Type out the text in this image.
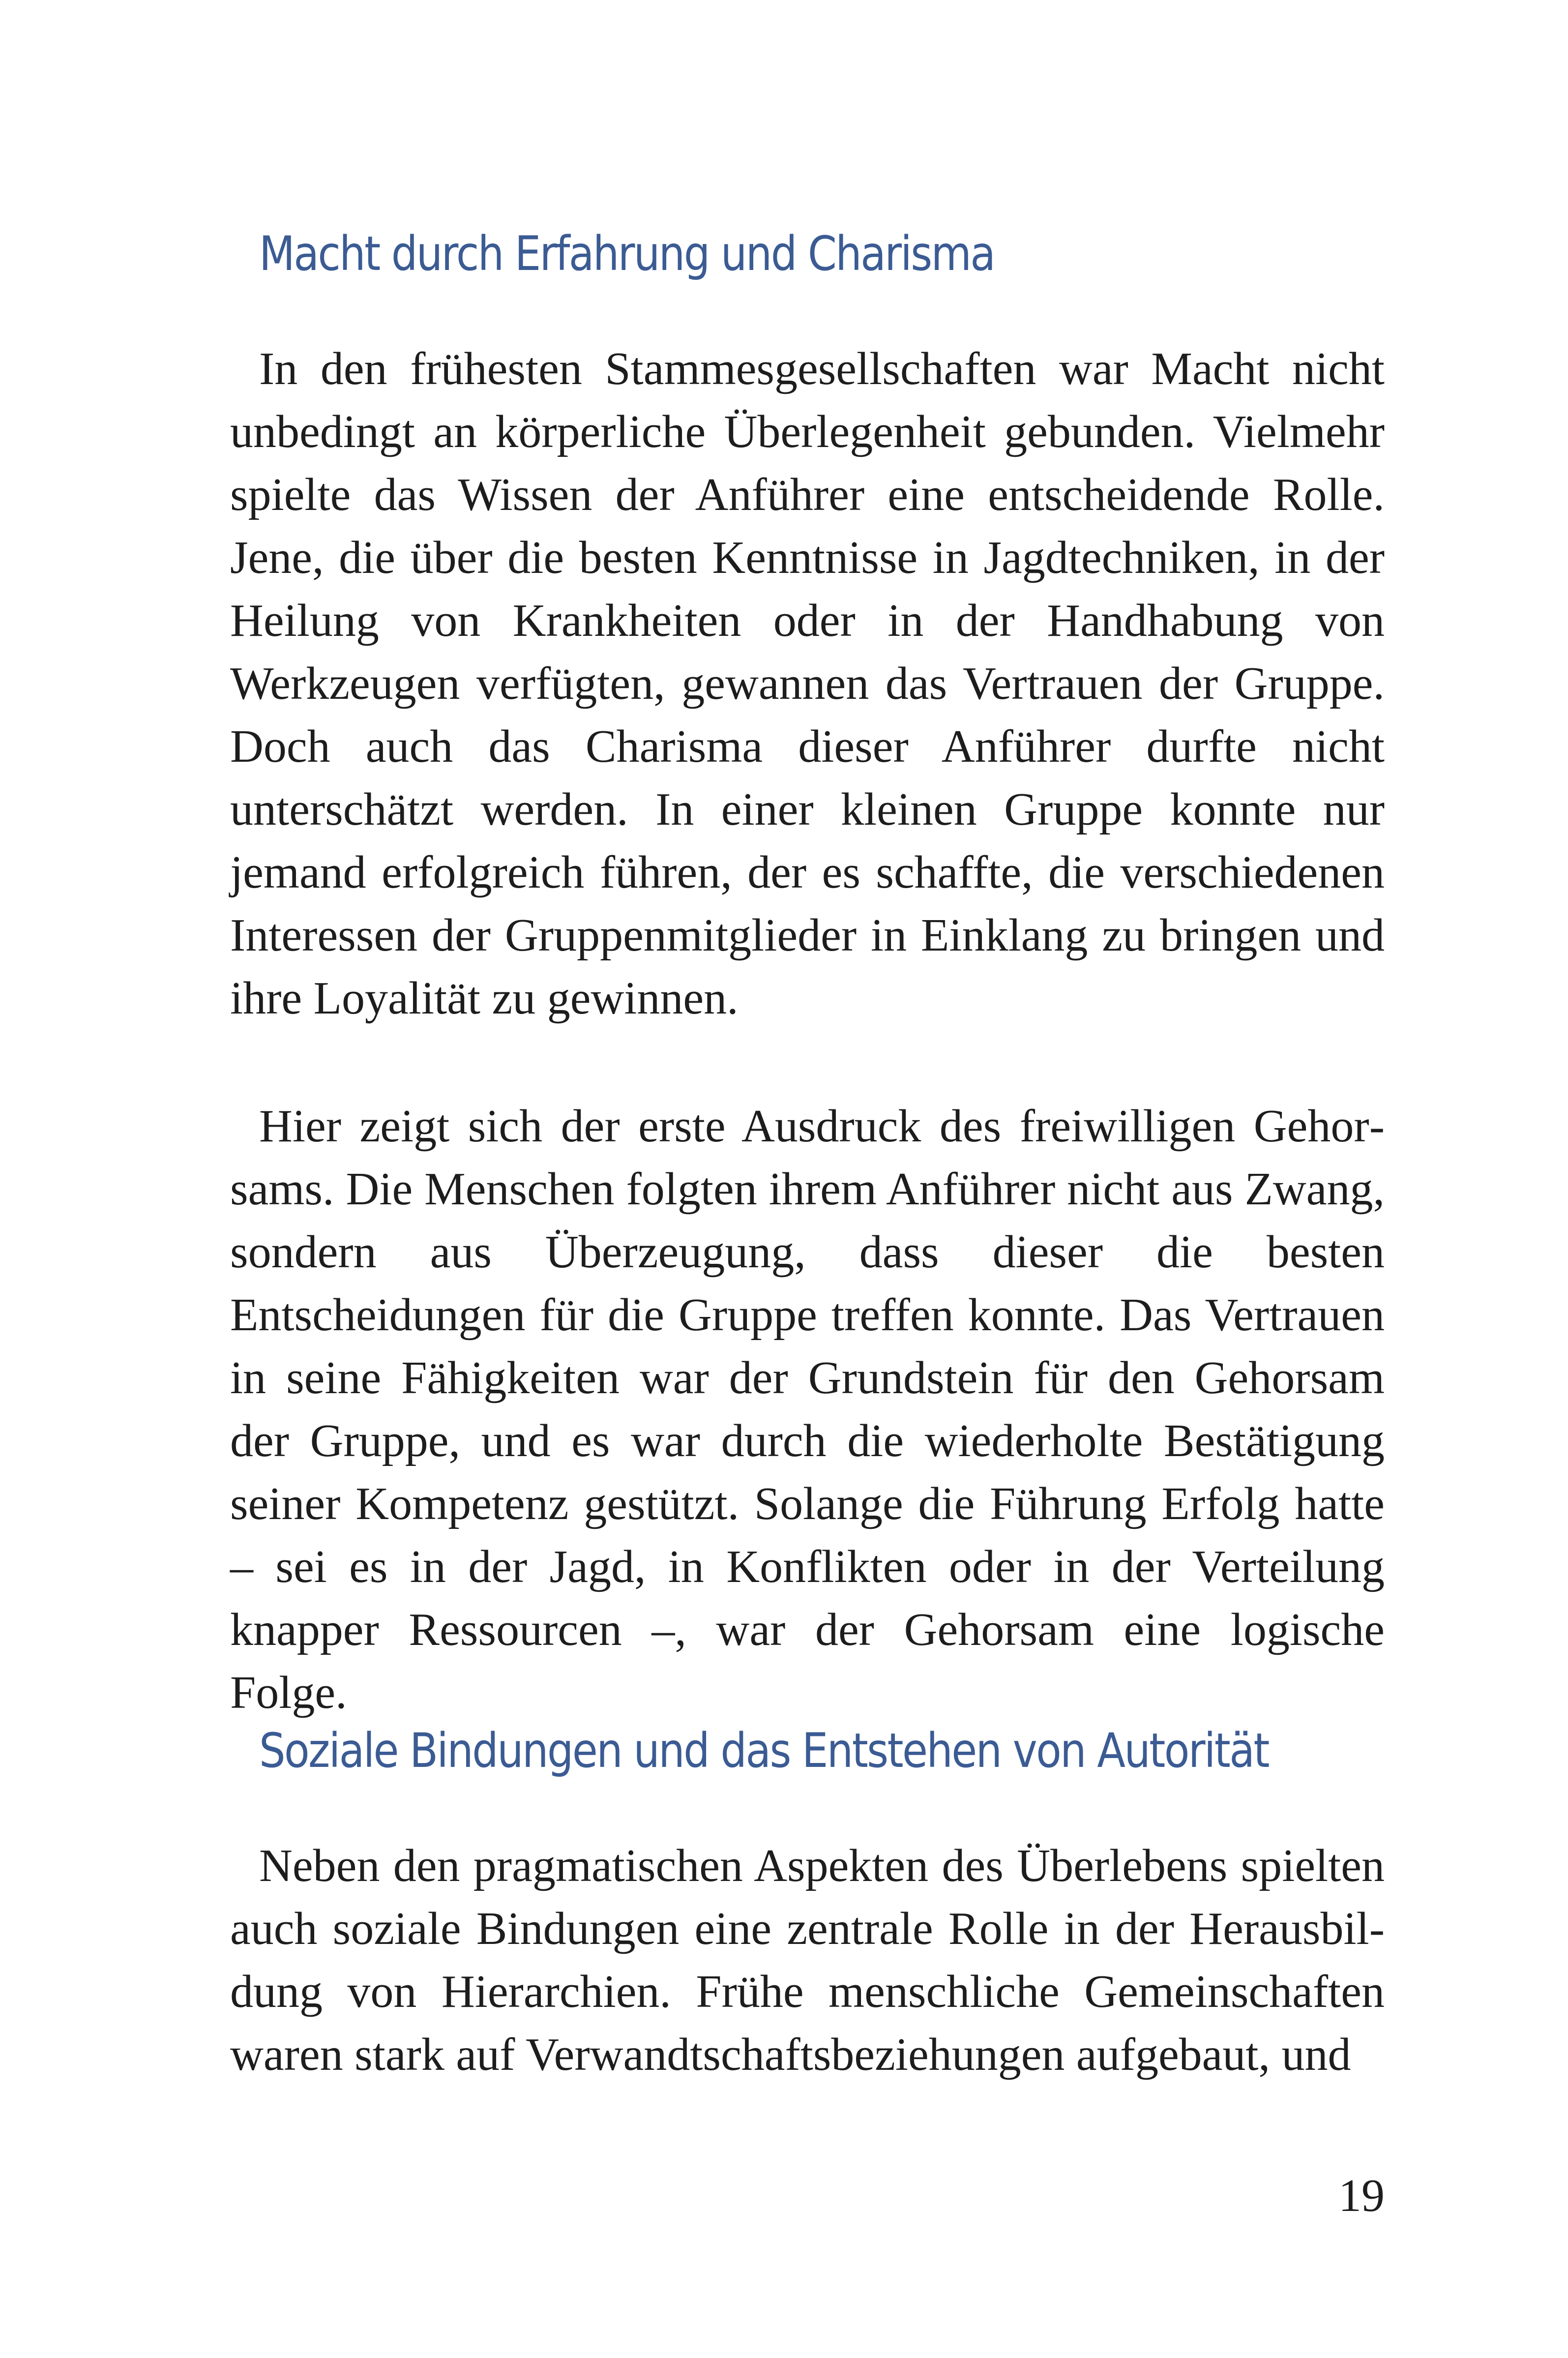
Macht durch Erfahrung und Charisma

In den frühesten Stammesgesellschaften war Macht nicht unbedingt an körperliche Überlegenheit gebunden. Vielmehr spielte das Wissen der Anführer eine entscheidende Rolle. Jene, die über die besten Kenntnisse in Jagdtechniken, in der Heilung von Krankheiten oder in der Handhabung von Werkzeugen verfügten, gewannen das Vertrauen der Gruppe. Doch auch das Charisma dieser Anführer durfte nicht unterschätzt werden. In einer kleinen Gruppe konnte nur jemand erfolgreich führen, der es schaffte, die verschiedenen Interessen der Gruppenmitglieder in Einklang zu bringen und ihre Loyalität zu gewinnen.

Hier zeigt sich der erste Ausdruck des freiwilligen Gehorsams. Die Menschen folgten ihrem Anführer nicht aus Zwang, sondern aus Überzeugung, dass dieser die besten Entscheidungen für die Gruppe treffen konnte. Das Vertrauen in seine Fähigkeiten war der Grundstein für den Gehorsam der Gruppe, und es war durch die wiederholte Bestätigung seiner Kompetenz gestützt. Solange die Führung Erfolg hatte – sei es in der Jagd, in Konflikten oder in der Verteilung knapper Ressourcen –, war der Gehorsam eine logische Folge.

Soziale Bindungen und das Entstehen von Autorität

Neben den pragmatischen Aspekten des Überlebens spielten auch soziale Bindungen eine zentrale Rolle in der Herausbildung von Hierarchien. Frühe menschliche Gemeinschaften waren stark auf Verwandtschaftsbeziehungen aufgebaut, und

19
